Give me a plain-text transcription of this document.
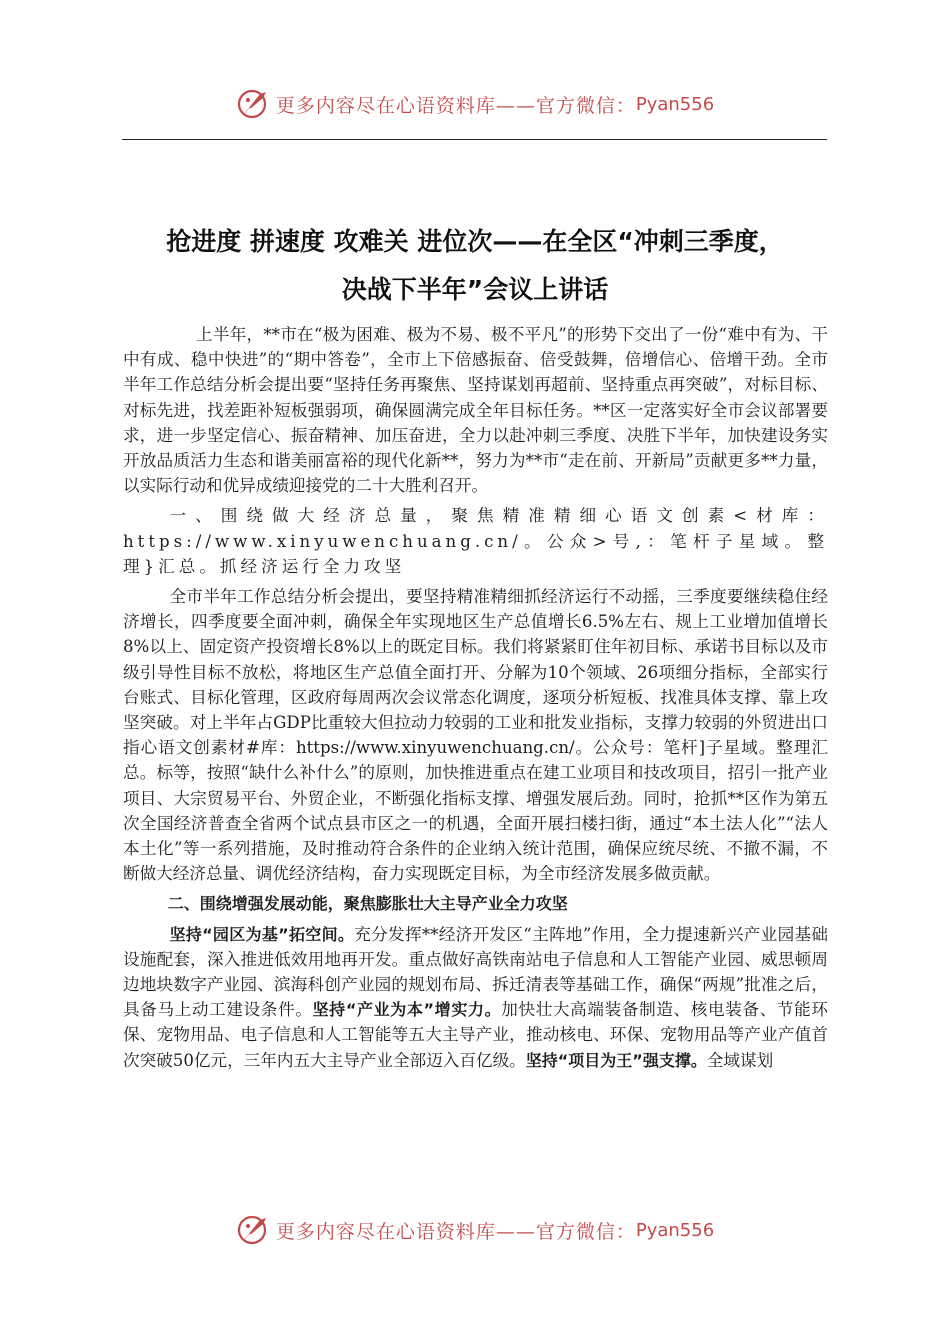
更多内容尽在心语资料库——官方微信： Pyan556
抢进度 拼速度 攻难关 进位次——在全区“冲刺三季度，
决战下半年”会议上讲话

上半年，**市在“极为困难、极为不易、极不平凡”的形势下交出了一份“难中有为、干中有成、稳中快进”的“期中答卷”，全市上下倍感振奋、倍受鼓舞，倍增信心、倍增干劲。全市半年工作总结分析会提出要“坚持任务再聚焦、坚持谋划再超前、坚持重点再突破”，对标目标、对标先进，找差距补短板强弱项，确保圆满完成全年目标任务。**区一定落实好全市会议部署要求，进一步坚定信心、振奋精神、加压奋进，全力以赴冲刺三季度、决胜下半年，加快建设务实开放品质活力生态和谐美丽富裕的现代化新**，努力为**市“走在前、开新局”贡献更多**力量，以实际行动和优异成绩迎接党的二十大胜利召开。

一、围绕做大经济总量，聚焦精准精细心语文创素<材库：https://www.xinyuwenchuang.cn/。公众>号,：笔杆子星域。整理}汇总。抓经济运行全力攻坚

全市半年工作总结分析会提出，要坚持精准精细抓经济运行不动摇，三季度要继续稳住经济增长，四季度要全面冲刺，确保全年实现地区生产总值增长6.5%左右、规上工业增加值增长8%以上、固定资产投资增长8%以上的既定目标。我们将紧紧盯住年初目标、承诺书目标以及市级引导性目标不放松，将地区生产总值全面打开、分解为10个领域、26项细分指标，全部实行台账式、目标化管理，区政府每周两次会议常态化调度，逐项分析短板、找准具体支撑、靠上攻坚突破。对上半年占GDP比重较大但拉动力较弱的工业和批发业指标，支撑力较弱的外贸进出口指心语文创素材#库：https://www.xinyuwenchuang.cn/。公众号：笔杆]子星域。整理汇总。标等，按照“缺什么补什么”的原则，加快推进重点在建工业项目和技改项目，招引一批产业项目、大宗贸易平台、外贸企业，不断强化指标支撑、增强发展后劲。同时，抢抓**区作为第五次全国经济普查全省两个试点县市区之一的机遇，全面开展扫楼扫街，通过“本土法人化”“法人本土化”等一系列措施，及时推动符合条件的企业纳入统计范围，确保应统尽统、不撤不漏，不断做大经济总量、调优经济结构，奋力实现既定目标，为全市经济发展多做贡献。

二、围绕增强发展动能，聚焦膨胀壮大主导产业全力攻坚

坚持“园区为基”拓空间。充分发挥**经济开发区“主阵地”作用，全力提速新兴产业园基础设施配套，深入推进低效用地再开发。重点做好高铁南站电子信息和人工智能产业园、威思顿周边地块数字产业园、滨海科创产业园的规划布局、拆迁清表等基础工作，确保“两规”批准之后，具备马上动工建设条件。坚持“产业为本”增实力。加快壮大高端装备制造、核电装备、节能环保、宠物用品、电子信息和人工智能等五大主导产业，推动核电、环保、宠物用品等产业产值首次突破50亿元，三年内五大主导产业全部迈入百亿级。坚持“项目为王”强支撑。全域谋划

更多内容尽在心语资料库——官方微信： Pyan556
